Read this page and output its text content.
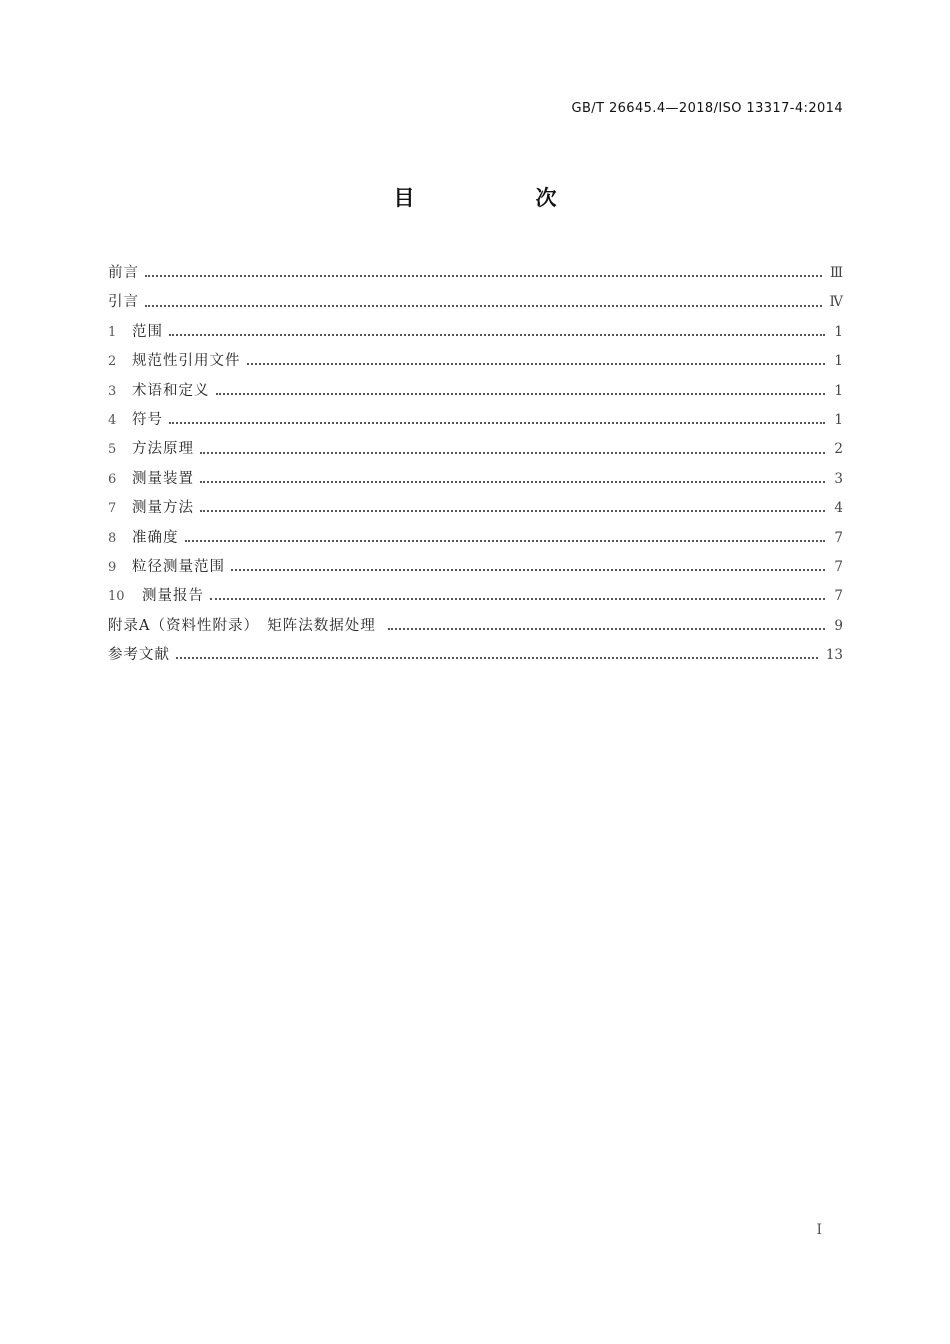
GB/T 26645.4—2018/ISO 13317-4:2014
目　次
前言	Ⅲ
引言	Ⅳ
1	范围	1
2	规范性引用文件	1
3	术语和定义	1
4	符号	1
5	方法原理	2
6	测量装置	3
7	测量方法	4
8	准确度	7
9	粒径测量范围	7
10	测量报告	7
附录A（资料性附录）　矩阵法数据处理	9
参考文献	13
Ⅰ
